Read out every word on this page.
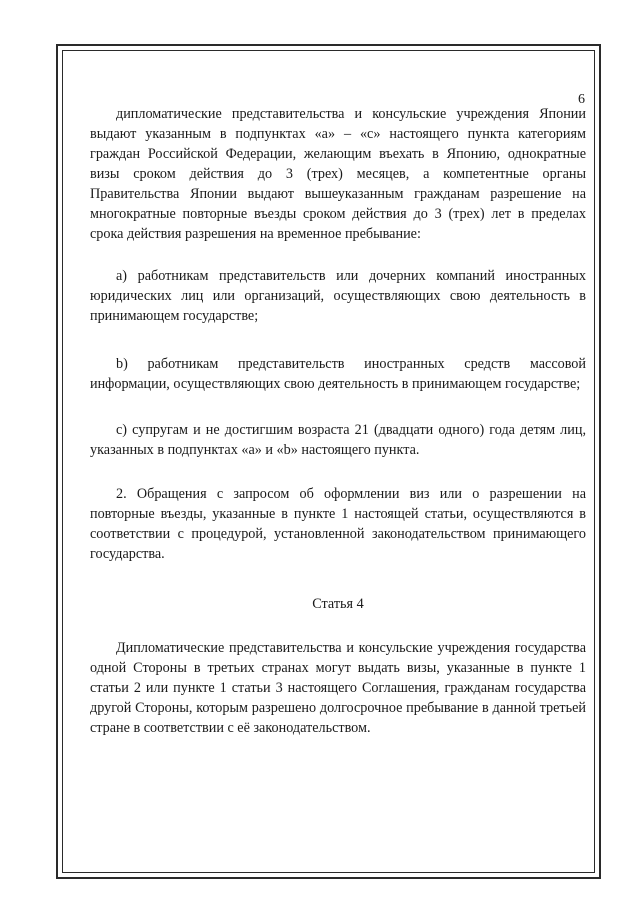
6

дипломатические представительства и консульские учреждения Японии выдают указанным в подпунктах «а» – «с» настоящего пункта категориям граждан Российской Федерации, желающим въехать в Японию, однократные визы сроком действия до 3 (трех) месяцев, а компетентные органы Правительства Японии выдают вышеуказанным гражданам разрешение на многократные повторные въезды сроком действия до 3 (трех) лет в пределах срока действия разрешения на временное пребывание:

а) работникам представительств или дочерних компаний иностранных юридических лиц или организаций, осуществляющих свою деятельность в принимающем государстве;

b) работникам представительств иностранных средств массовой информации, осуществляющих свою деятельность в принимающем государстве;

c) супругам и не достигшим возраста 21 (двадцати одного) года детям лиц, указанных в подпунктах «а» и «b» настоящего пункта.

2. Обращения с запросом об оформлении виз или о разрешении на повторные въезды, указанные в пункте 1 настоящей статьи, осуществляются в соответствии с процедурой, установленной законодательством принимающего государства.

Статья 4

Дипломатические представительства и консульские учреждения государства одной Стороны в третьих странах могут выдать визы, указанные в пункте 1 статьи 2 или пункте 1 статьи 3 настоящего Соглашения, гражданам государства другой Стороны, которым разрешено долгосрочное пребывание в данной третьей стране в соответствии с её законодательством.
